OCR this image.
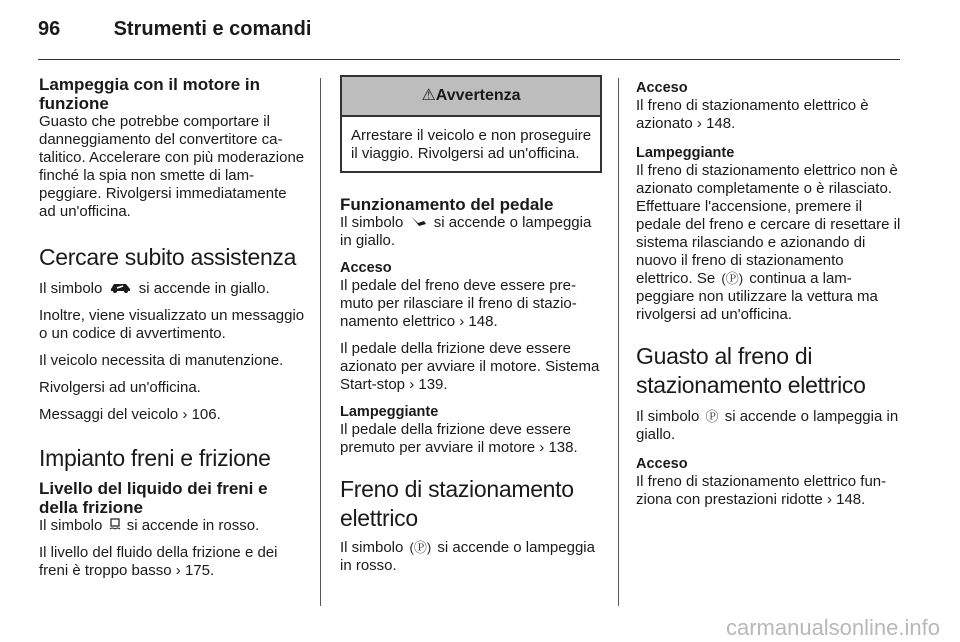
96	Strumenti e comandi
Lampeggia con il motore in funzione

Guasto che potrebbe comportare il danneggiamento del convertitore catalitico. Accelerare con più moderazione finché la spia non smette di lampeggiare. Rivolgersi immediatamente ad un'officina.

Cercare subito assistenza

Il simbolo si accende in giallo.

Inoltre, viene visualizzato un messaggio o un codice di avvertimento.

Il veicolo necessita di manutenzione.

Rivolgersi ad un'officina.

Messaggi del veicolo › 106.

Impianto freni e frizione
Livello del liquido dei freni e della frizione

Il simbolo si accende in rosso.

Il livello del fluido della frizione e dei freni è troppo basso › 175.

⚠Avvertenza

Arrestare il veicolo e non proseguire il viaggio. Rivolgersi ad un'officina.

Funzionamento del pedale

Il simbolo si accende o lampeggia in giallo.

Acceso

Il pedale del freno deve essere premuto per rilasciare il freno di stazionamento elettrico › 148.

Il pedale della frizione deve essere azionato per avviare il motore. Sistema Start-stop › 139.

Lampeggiante

Il pedale della frizione deve essere premuto per avviare il motore › 138.

Freno di stazionamento elettrico

Il simbolo (Ⓟ) si accende o lampeggia in rosso.

Acceso

Il freno di stazionamento elettrico è azionato › 148.

Lampeggiante

Il freno di stazionamento elettrico non è azionato completamente o è rilasciato. Effettuare l'accensione, premere il pedale del freno e cercare di resettare il sistema rilasciando e azionando di nuovo il freno di stazionamento elettrico. Se (Ⓟ) continua a lampeggiare non utilizzare la vettura ma rivolgersi ad un'officina.

Guasto al freno di stazionamento elettrico

Il simbolo Ⓟ si accende o lampeggia in giallo.

Acceso

Il freno di stazionamento elettrico funziona con prestazioni ridotte › 148.

carmanualsonline.info
